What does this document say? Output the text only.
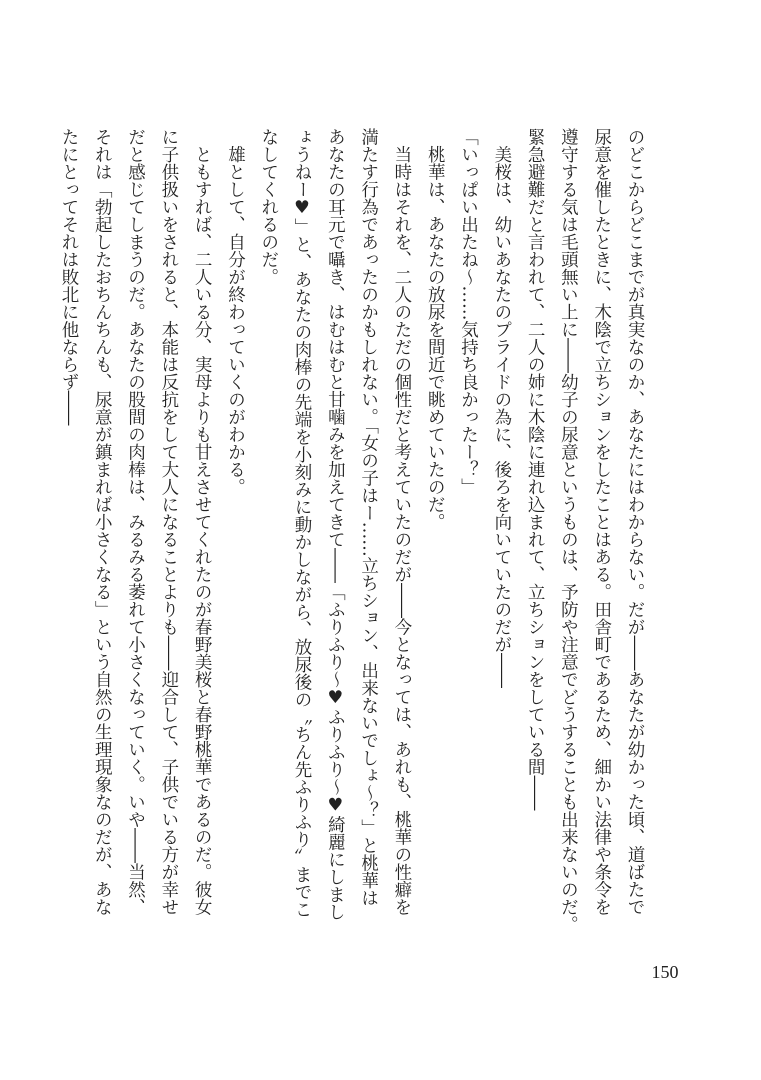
のどこからどこまでが真実なのか、あなたにはわからない。だが――あなたが幼かった頃、道ばたで
尿意を催したときに、木陰で立ちションをしたことはある。田舎町であるため、細かい法律や条令を
遵守する気は毛頭無い上に――幼子の尿意というものは、予防や注意でどうすることも出来ないのだ。
緊急避難だと言われて、二人の姉に木陰に連れ込まれて、立ちションをしている間――
　美桜は、幼いあなたのプライドの為に、後ろを向いていたのだが――
「いっぱい出たね～……気持ち良かったー？」
　桃華は、あなたの放尿を間近で眺めていたのだ。
　当時はそれを、二人のただの個性だと考えていたのだが――今となっては、あれも、桃華の性癖を
満たす行為であったのかもしれない。「女の子はー……立ちション、出来ないでしょ～？」と桃華は
あなたの耳元で囁き、はむはむと甘噛みを加えてきて――「ふりふり～♥ふりふり～♥綺麗にしまし
ょうねー♥」と、あなたの肉棒の先端を小刻みに動かしながら、放尿後の〝ちん先ふりふり〟までこ
なしてくれるのだ。
　雄として、自分が終わっていくのがわかる。
　ともすれば、二人いる分、実母よりも甘えさせてくれたのが春野美桜と春野桃華であるのだ。彼女
に子供扱いをされると、本能は反抗をして大人になることよりも――迎合して、子供でいる方が幸せ
だと感じてしまうのだ。あなたの股間の肉棒は、みるみる萎れて小さくなっていく。いや――当然、
それは「勃起したおちんちんも、尿意が鎮まれば小さくなる」という自然の生理現象なのだが、あな
たにとってそれは敗北に他ならず――
150
